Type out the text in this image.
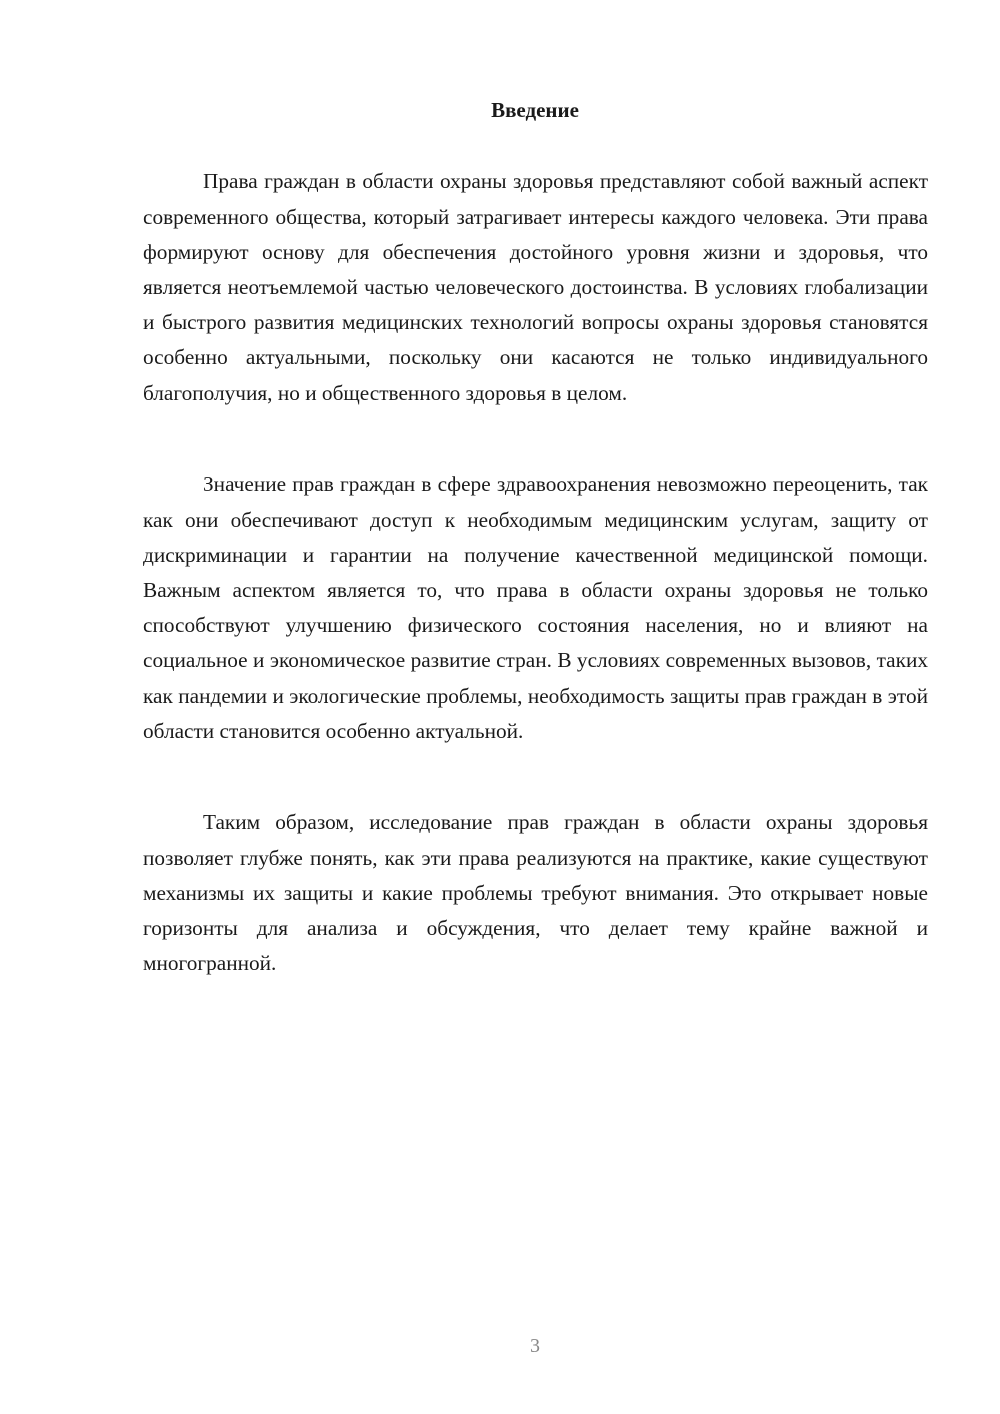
Введение

Права граждан в области охраны здоровья представляют собой важный аспект современного общества, который затрагивает интересы каждого человека. Эти права формируют основу для обеспечения достойного уровня жизни и здоровья, что является неотъемлемой частью человеческого достоинства. В условиях глобализации и быстрого развития медицинских технологий вопросы охраны здоровья становятся особенно актуальными, поскольку они касаются не только индивидуального благополучия, но и общественного здоровья в целом.

Значение прав граждан в сфере здравоохранения невозможно переоценить, так как они обеспечивают доступ к необходимым медицинским услугам, защиту от дискриминации и гарантии на получение качественной медицинской помощи. Важным аспектом является то, что права в области охраны здоровья не только способствуют улучшению физического состояния населения, но и влияют на социальное и экономическое развитие стран. В условиях современных вызовов, таких как пандемии и экологические проблемы, необходимость защиты прав граждан в этой области становится особенно актуальной.

Таким образом, исследование прав граждан в области охраны здоровья позволяет глубже понять, как эти права реализуются на практике, какие существуют механизмы их защиты и какие проблемы требуют внимания. Это открывает новые горизонты для анализа и обсуждения, что делает тему крайне важной и многогранной.

3
